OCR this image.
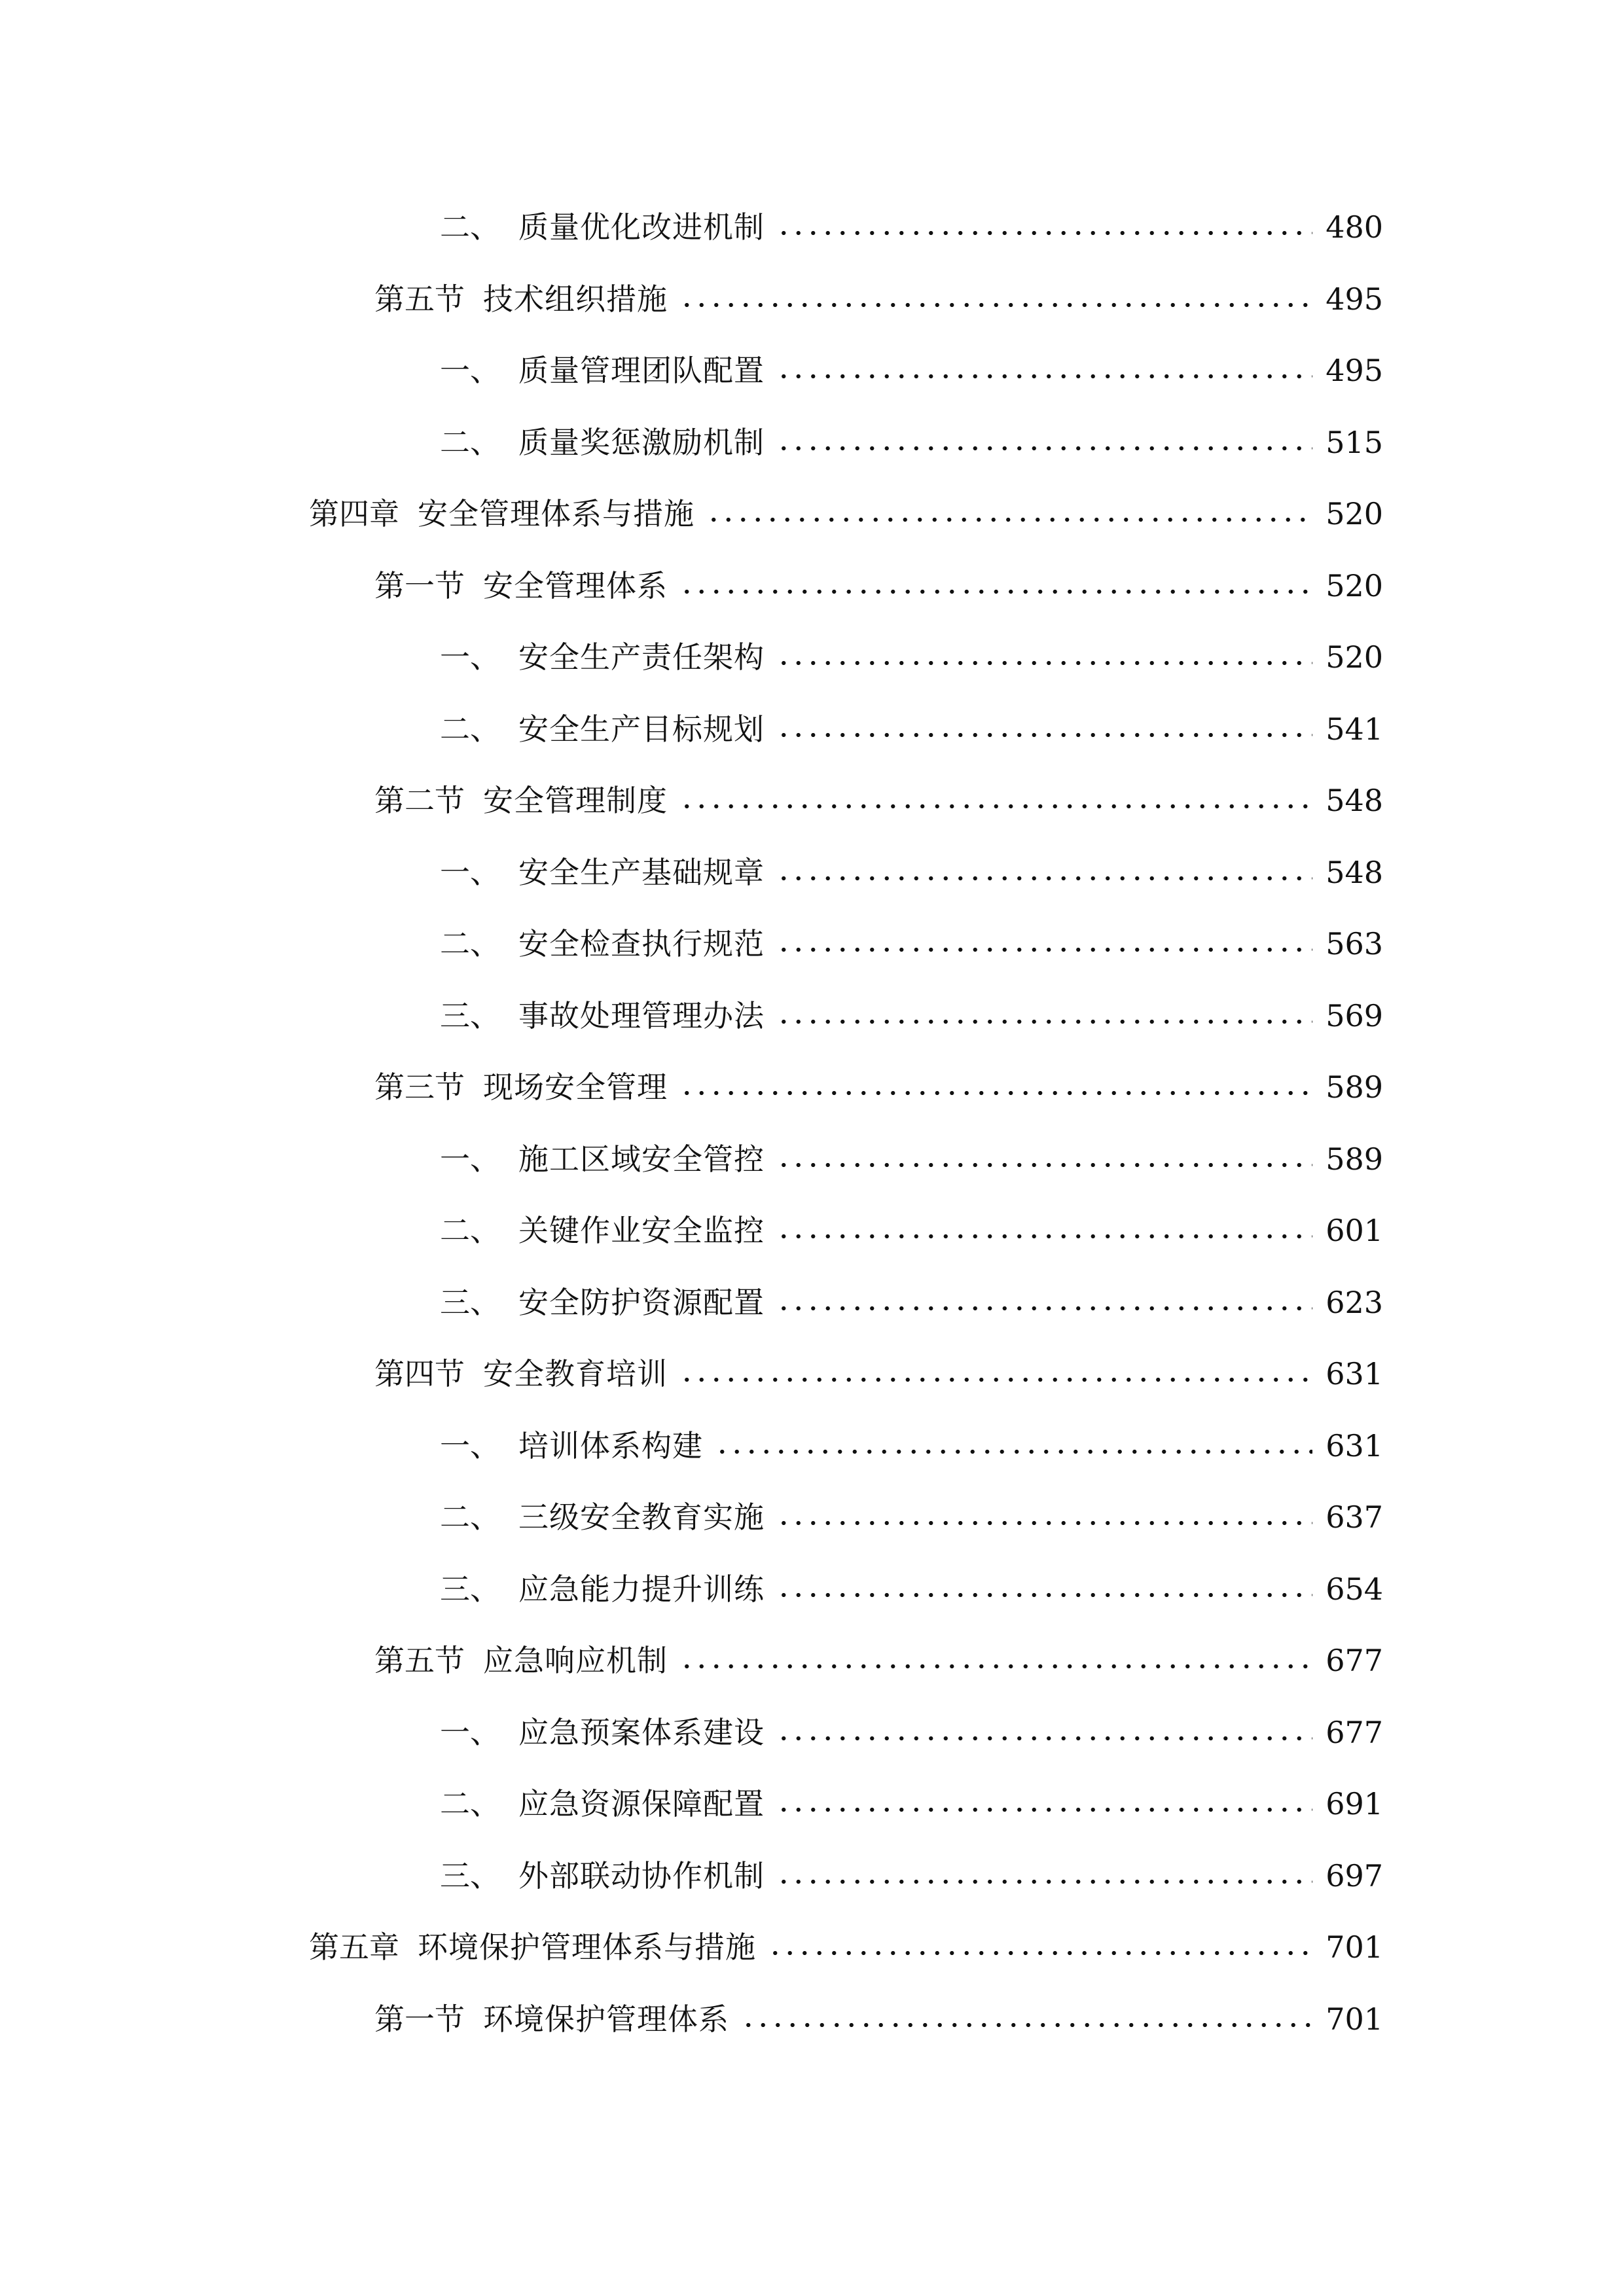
二、 质量优化改进机制	480
第五节 技术组织措施	495
一、 质量管理团队配置	495
二、 质量奖惩激励机制	515
第四章 安全管理体系与措施	520
第一节 安全管理体系	520
一、 安全生产责任架构	520
二、 安全生产目标规划	541
第二节 安全管理制度	548
一、 安全生产基础规章	548
二、 安全检查执行规范	563
三、 事故处理管理办法	569
第三节 现场安全管理	589
一、 施工区域安全管控	589
二、 关键作业安全监控	601
三、 安全防护资源配置	623
第四节 安全教育培训	631
一、 培训体系构建	631
二、 三级安全教育实施	637
三、 应急能力提升训练	654
第五节 应急响应机制	677
一、 应急预案体系建设	677
二、 应急资源保障配置	691
三、 外部联动协作机制	697
第五章 环境保护管理体系与措施	701
第一节 环境保护管理体系	701
